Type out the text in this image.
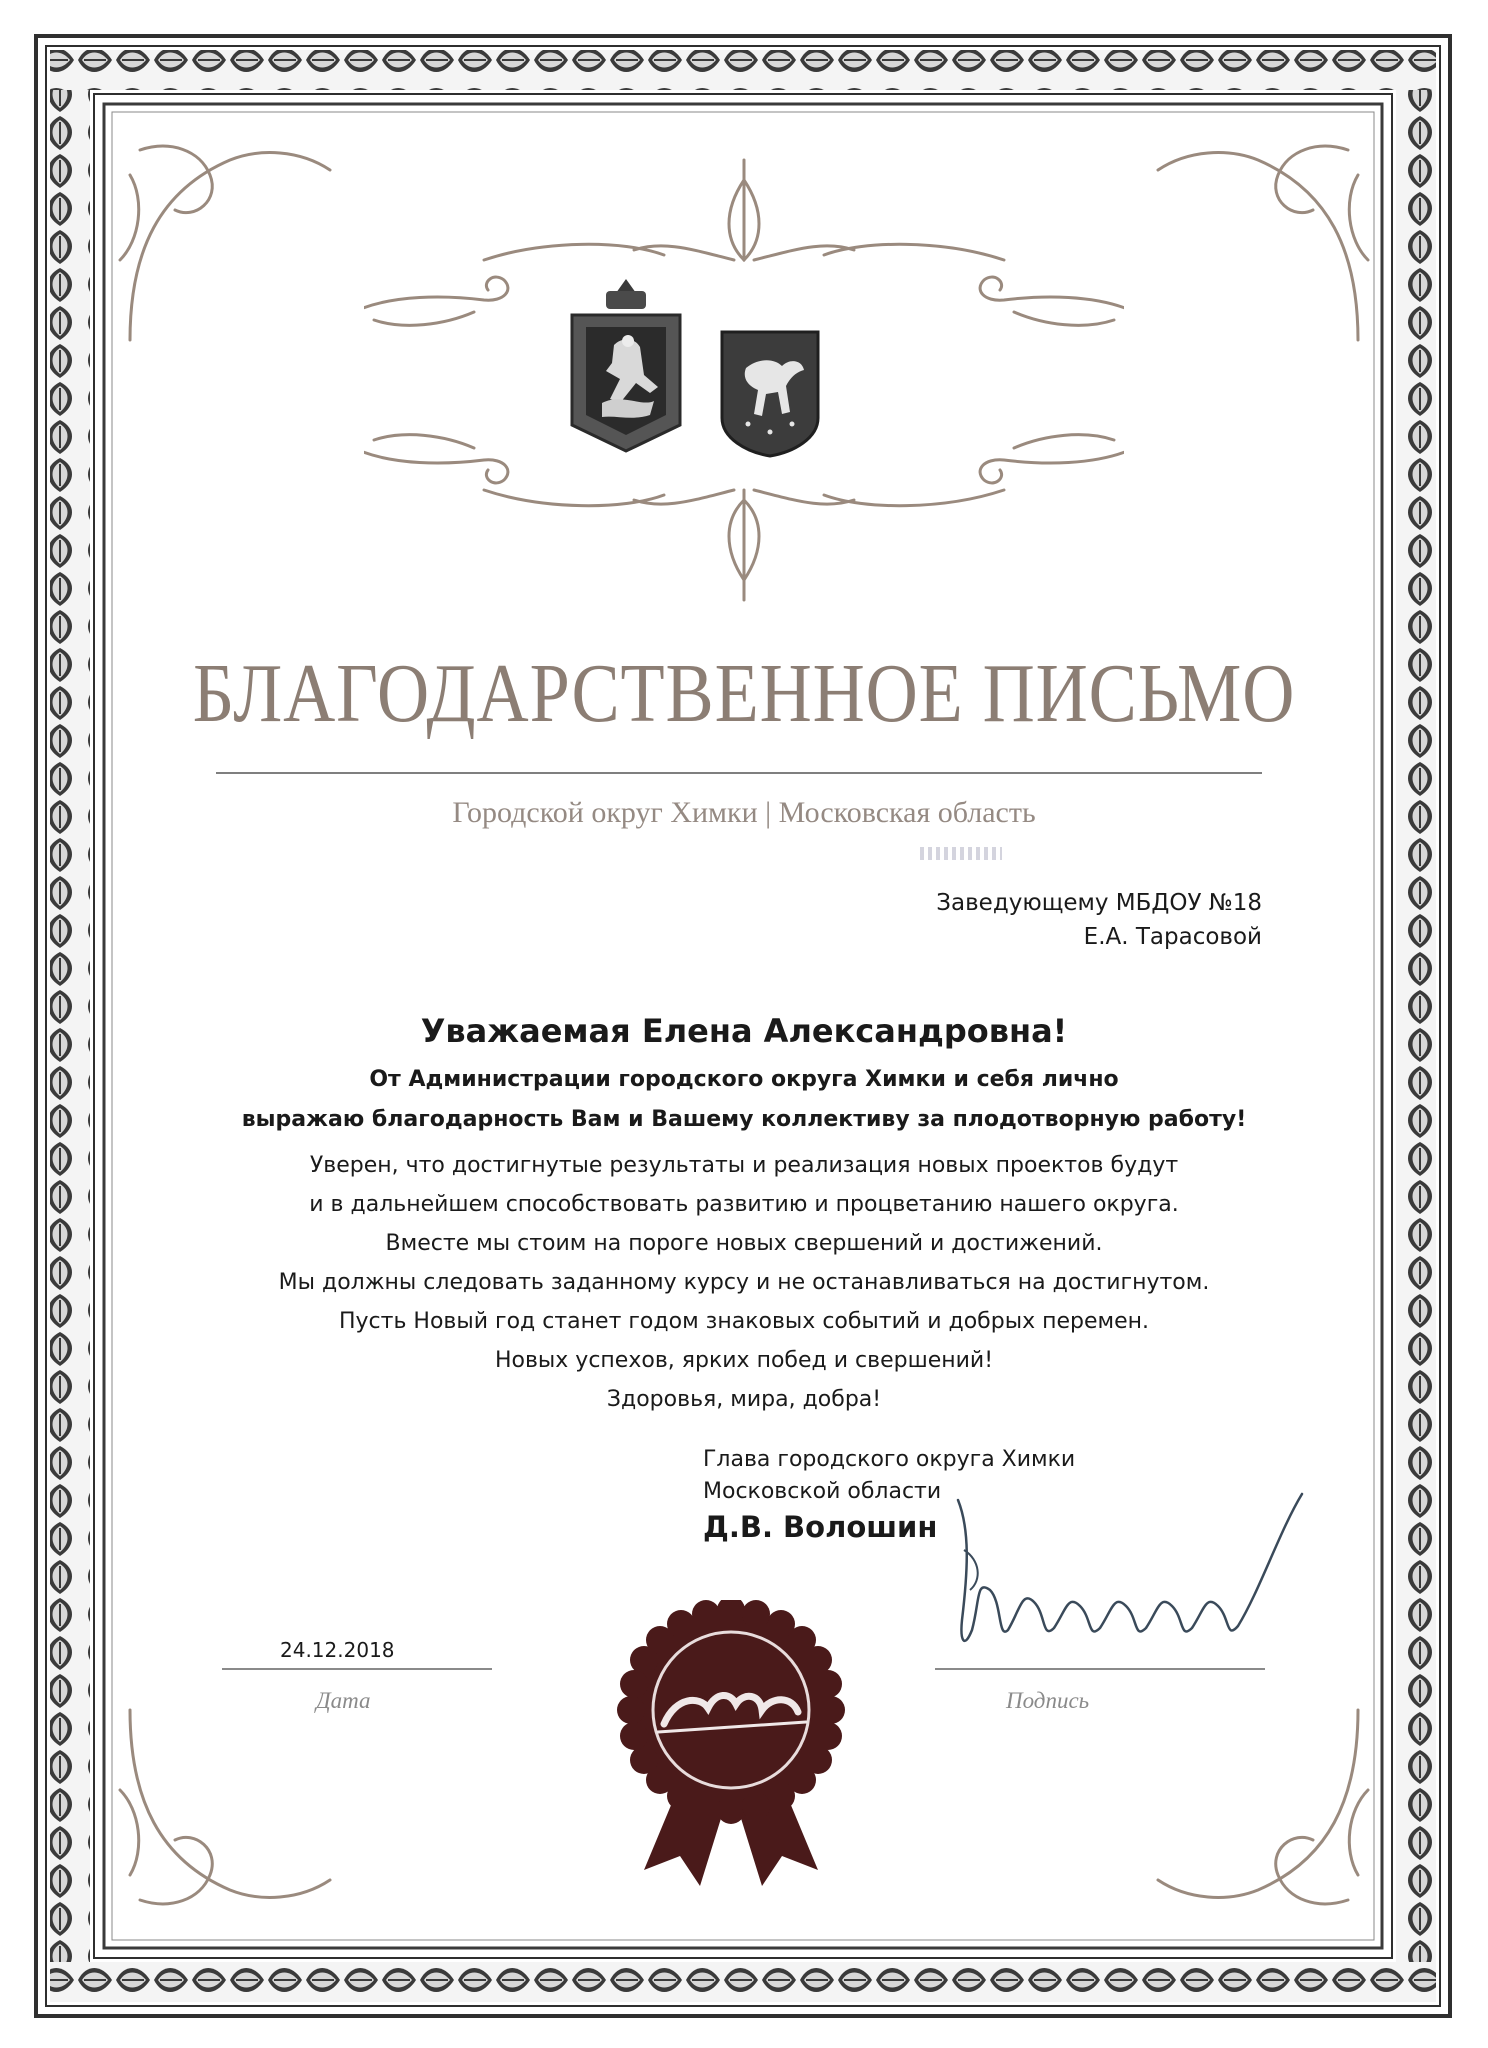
БЛАГОДАРСТВЕННОЕ ПИСЬМО
Городской округ Химки | Московская область
Заведующему МБДОУ №18
Е.А. Тарасовой
Уважаемая Елена Александровна!
От Администрации городского округа Химки и себя лично
выражаю благодарность Вам и Вашему коллективу за плодотворную работу!
Уверен, что достигнутые результаты и реализация новых проектов будут
и в дальнейшем способствовать развитию и процветанию нашего округа.
Вместе мы стоим на пороге новых свершений и достижений.
Мы должны следовать заданному курсу и не останавливаться на достигнутом.
Пусть Новый год станет годом знаковых событий и добрых перемен.
Новых успехов, ярких побед и свершений!
Здоровья, мира, добра!
Глава городского округа Химки
Московской области
Д.В. Волошин
24.12.2018
Дата	Подпись
